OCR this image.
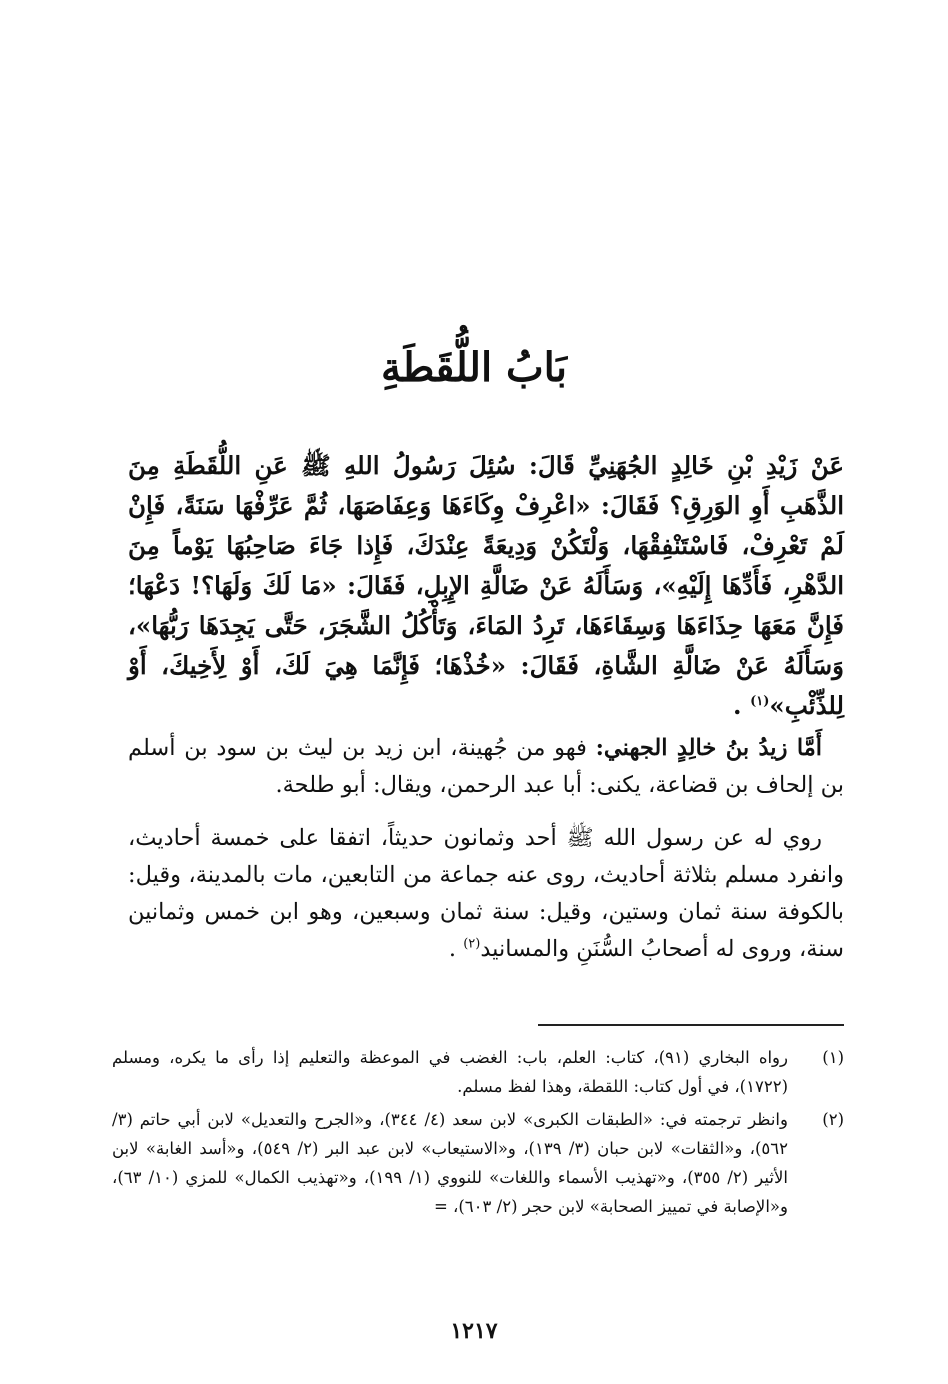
بَابُ اللُّقَطَةِ
عَنْ زَيْدِ بْنِ خَالِدٍ الجُهَنِيِّ قَالَ: سُئِلَ رَسُولُ اللهِ ﷺ عَنِ اللُّقَطَةِ مِنَ الذَّهَبِ أَوِ الوَرِقِ؟ فَقَالَ: «اعْرِفْ وِكَاءَهَا وَعِفَاصَهَا، ثُمَّ عَرِّفْهَا سَنَةً، فَإِنْ لَمْ تَعْرِفْ، فَاسْتَنْفِقْهَا، وَلْتَكُنْ وَدِيعَةً عِنْدَكَ، فَإِذا جَاءَ صَاحِبُهَا يَوْماً مِنَ الدَّهْرِ، فَأَدِّهَا إِلَيْهِ»، وَسَأَلَهُ عَنْ ضَالَّةِ الإِبِلِ، فَقَالَ: «مَا لَكَ وَلَهَا؟! دَعْهَا؛ فَإِنَّ مَعَهَا حِذَاءَهَا وَسِقَاءَهَا، تَرِدُ المَاءَ، وَتَأْكُلُ الشَّجَرَ، حَتَّى يَجِدَهَا رَبُّهَا»، وَسَأَلَهُ عَنْ ضَالَّةِ الشَّاةِ، فَقَالَ: «خُذْهَا؛ فَإِنَّمَا هِيَ لَكَ، أَوْ لِأَخِيكَ، أَوْ لِلذِّئْبِ»$^{(١)}$ .

أَمَّا زيدُ بنُ خالِدٍ الجهني: فهو من جُهينة، ابن زيد بن ليث بن سود بن أسلم بن إلحاف بن قضاعة، يكنى: أبا عبد الرحمن، ويقال: أبو طلحة.

روي له عن رسول الله ﷺ أحد وثمانون حديثاً، اتفقا على خمسة أحاديث، وانفرد مسلم بثلاثة أحاديث، روى عنه جماعة من التابعين، مات بالمدينة، وقيل: بالكوفة سنة ثمان وستين، وقيل: سنة ثمان وسبعين، وهو ابن خمس وثمانين سنة، وروى له أصحابُ السُّنَنِ والمسانيد$^{(٢)}$ .

(١)
رواه البخاري (٩١)، كتاب: العلم، باب: الغضب في الموعظة والتعليم إذا رأى ما يكره، ومسلم (١٧٢٢)، في أول كتاب: اللقطة، وهذا لفظ مسلم.
(٢)
وانظر ترجمته في: «الطبقات الكبرى» لابن سعد (٤/ ٣٤٤)، و«الجرح والتعديل» لابن أبي حاتم (٣/ ٥٦٢)، و«الثقات» لابن حبان (٣/ ١٣٩)، و«الاستيعاب» لابن عبد البر (٢/ ٥٤٩)، و«أسد الغابة» لابن الأثير (٢/ ٣٥٥)، و«تهذيب الأسماء واللغات» للنووي (١/ ١٩٩)، و«تهذيب الكمال» للمزي (١٠/ ٦٣)، و«الإصابة في تمييز الصحابة» لابن حجر (٢/ ٦٠٣)، =
١٢١٧
